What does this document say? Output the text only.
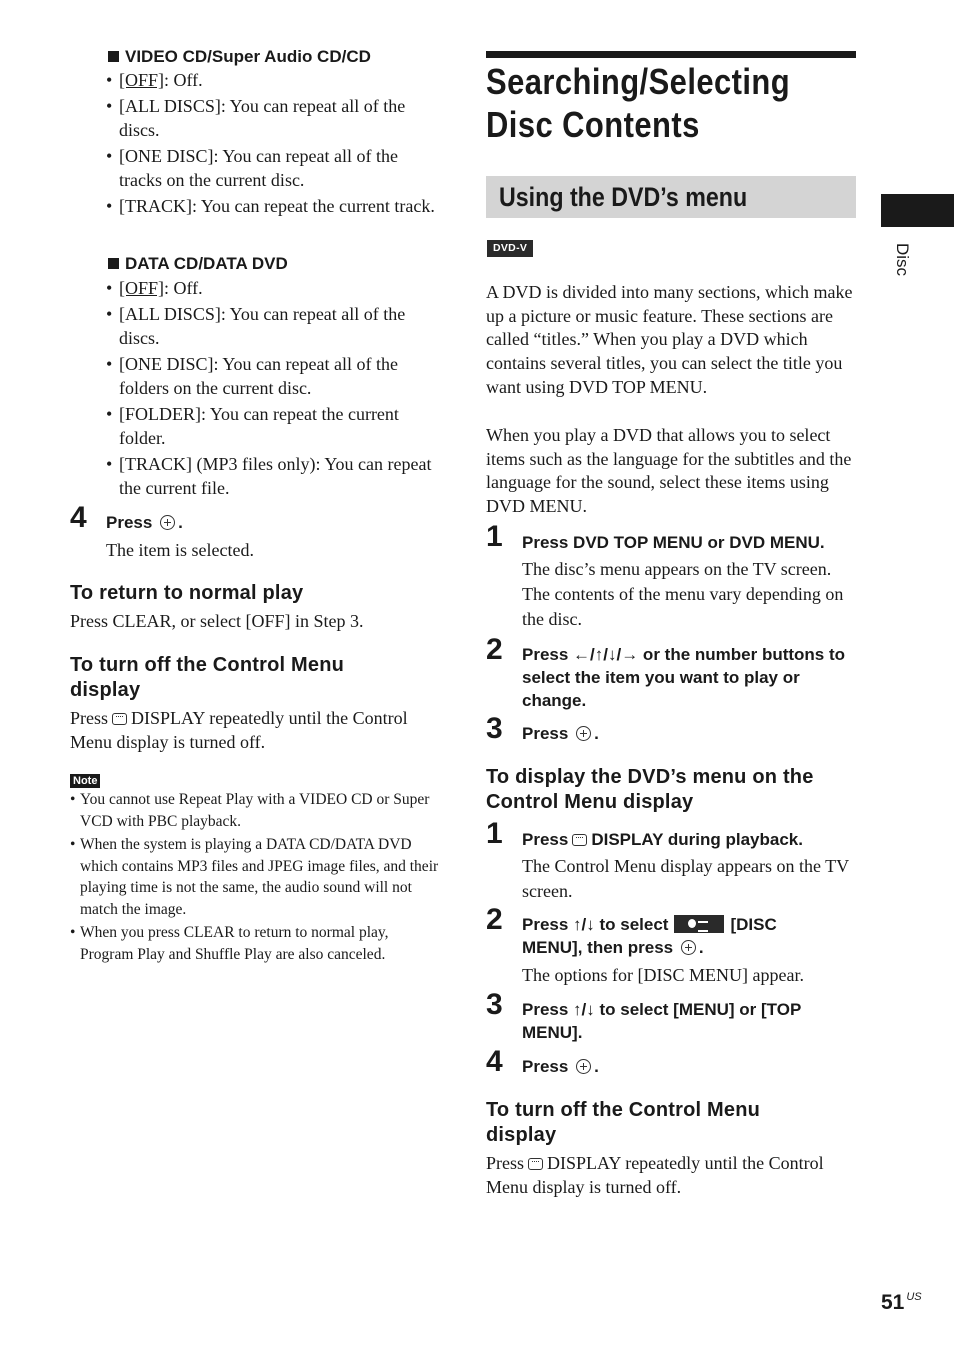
VIDEO CD/Super Audio CD/CD
• [OFF]: Off.
• [ALL DISCS]: You can repeat all of the discs.
• [ONE DISC]: You can repeat all of the tracks on the current disc.
• [TRACK]: You can repeat the current track.
DATA CD/DATA DVD
• [OFF]: Off.
• [ALL DISCS]: You can repeat all of the discs.
• [ONE DISC]: You can repeat all of the folders on the current disc.
• [FOLDER]: You can repeat the current folder.
• [TRACK] (MP3 files only): You can repeat the current file.
4 Press .
The item is selected.
To return to normal play
Press CLEAR, or select [OFF] in Step 3.
To turn off the Control Menu display
Press DISPLAY repeatedly until the Control Menu display is turned off.
Note
• You cannot use Repeat Play with a VIDEO CD or Super VCD with PBC playback.
• When the system is playing a DATA CD/DATA DVD which contains MP3 files and JPEG image files, and their playing time is not the same, the audio sound will not match the image.
• When you press CLEAR to return to normal play, Program Play and Shuffle Play are also canceled.
Searching/Selecting
Disc Contents
Using the DVD’s menu
DVD-V
A DVD is divided into many sections, which make up a picture or music feature. These sections are called “titles.” When you play a DVD which contains several titles, you can select the title you want using DVD TOP MENU.
When you play a DVD that allows you to select items such as the language for the subtitles and the language for the sound, select these items using DVD MENU.
1 Press DVD TOP MENU or DVD MENU.
The disc’s menu appears on the TV screen. The contents of the menu vary depending on the disc.
2 Press ←/↑/↓/→ or the number buttons to select the item you want to play or change.
3 Press .
To display the DVD’s menu on the Control Menu display
1 Press DISPLAY during playback.
The Control Menu display appears on the TV screen.
2 Press ↑/↓ to select	[DISC
MENU], then press .
The options for [DISC MENU] appear.
3 Press ↑/↓ to select [MENU] or [TOP MENU].
4 Press .
To turn off the Control Menu display
Press DISPLAY repeatedly until the Control Menu display is turned off.
Disc
51 $^{US}$
